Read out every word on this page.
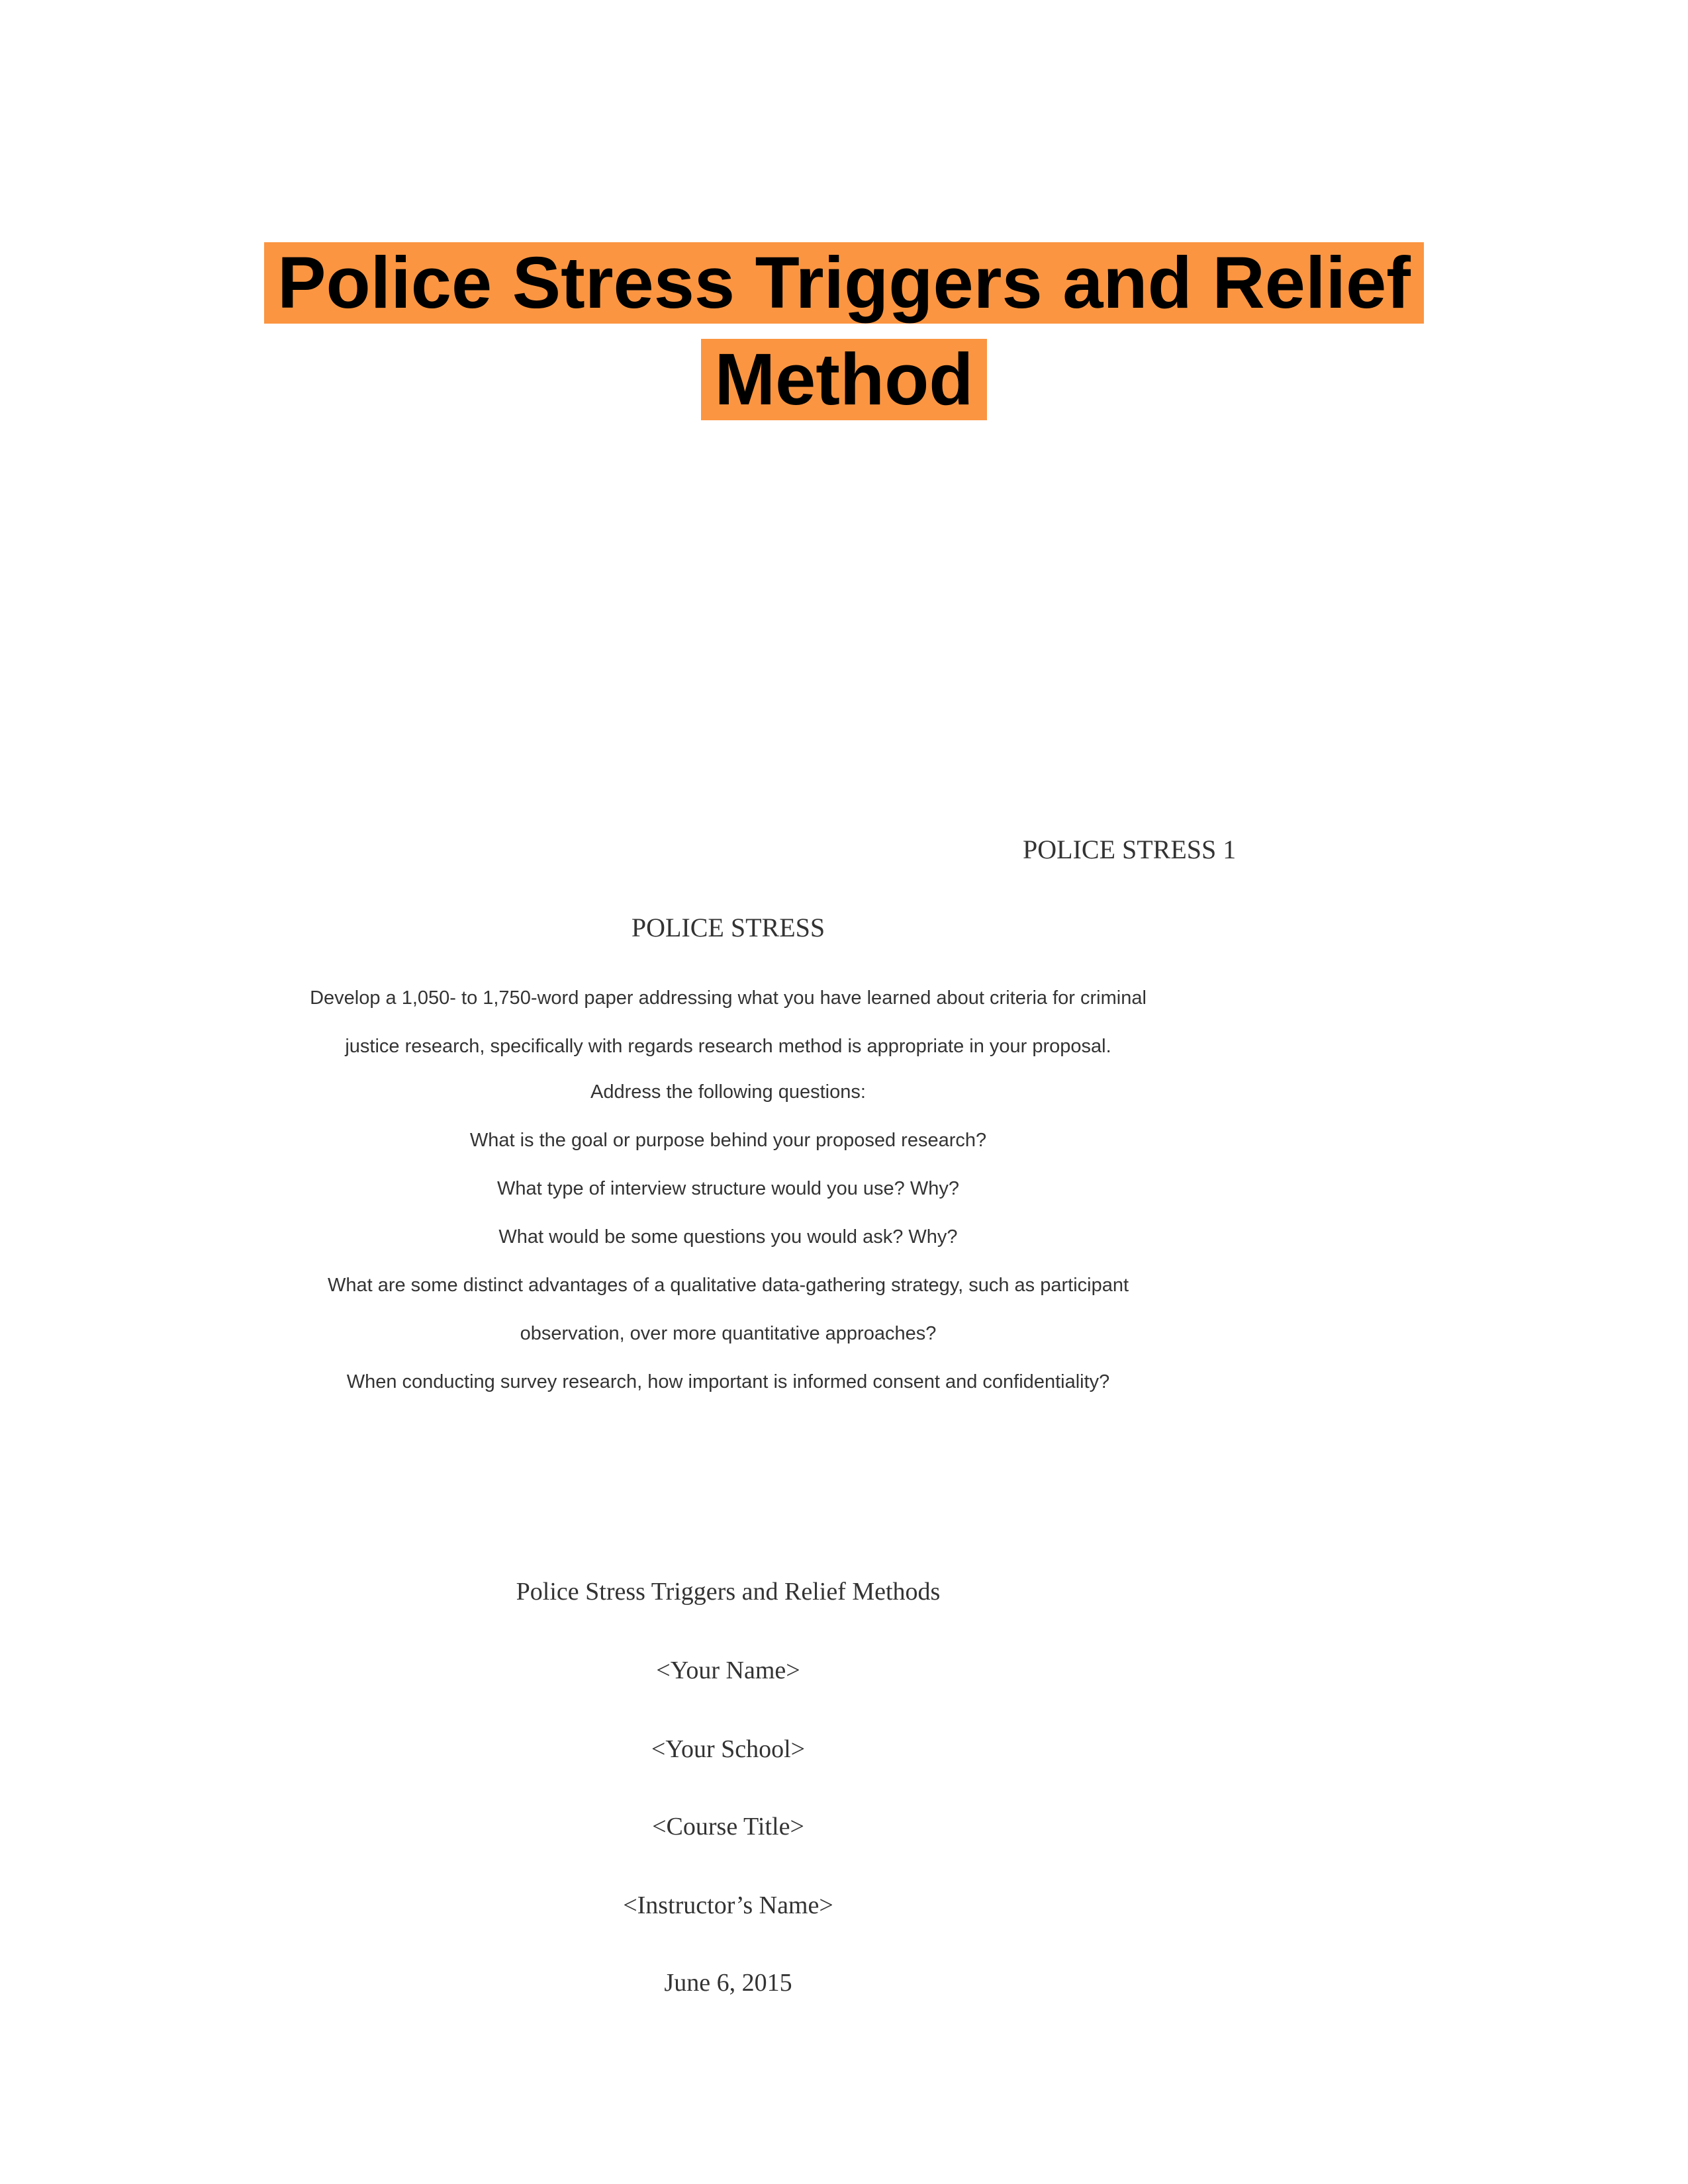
Police Stress Triggers and Relief
Method
POLICE STRESS 1
POLICE STRESS
Develop a 1,050- to 1,750-word paper addressing what you have learned about criteria for criminal
justice research, specifically with regards research method is appropriate in your proposal.
Address the following questions:
What is the goal or purpose behind your proposed research?
What type of interview structure would you use? Why?
What would be some questions you would ask? Why?
What are some distinct advantages of a qualitative data-gathering strategy, such as participant
observation, over more quantitative approaches?
When conducting survey research, how important is informed consent and confidentiality?
Police Stress Triggers and Relief Methods
<Your Name>
<Your School>
<Course Title>
<Instructor’s Name>
June 6, 2015
